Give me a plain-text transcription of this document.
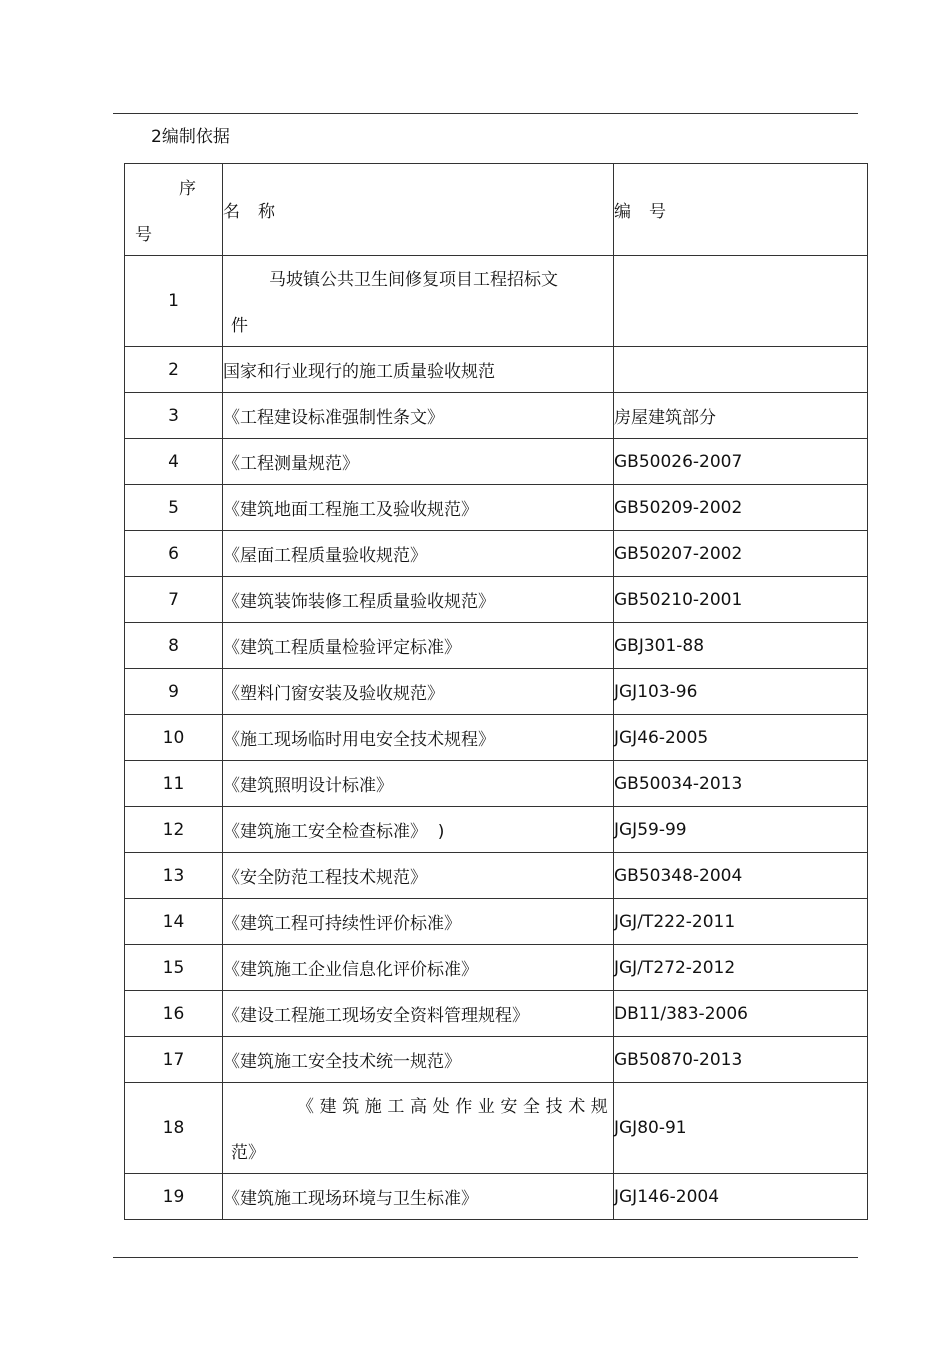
2编制依据
序
号	名称	编号
1	马坡镇公共卫生间修复项目工程招标文
件	

2	国家和行业现行的施工质量验收规范	
3	《工程建设标准强制性条文》	房屋建筑部分
4	《工程测量规范》	GB50026-2007
5	《建筑地面工程施工及验收规范》	GB50209-2002
6	《屋面工程质量验收规范》	GB50207-2002
7	《建筑装饰装修工程质量验收规范》	GB50210-2001
8	《建筑工程质量检验评定标准》	GBJ301-88
9	《塑料门窗安装及验收规范》	JGJ103-96
10	《施工现场临时用电安全技术规程》	JGJ46-2005
11	《建筑照明设计标准》	GB50034-2013
12	《建筑施工安全检查标准》  )	JGJ59-99
13	《安全防范工程技术规范》	GB50348-2004
14	《建筑工程可持续性评价标准》	JGJ/T222-2011
15	《建筑施工企业信息化评价标准》	JGJ/T272-2012
16	《建设工程施工现场安全资料管理规程》	DB11/383-2006
17	《建筑施工安全技术统一规范》	GB50870-2013
18	《建筑施工高处作业安全技术规
范》	JGJ80-91
19	《建筑施工现场环境与卫生标准》	JGJ146-2004
